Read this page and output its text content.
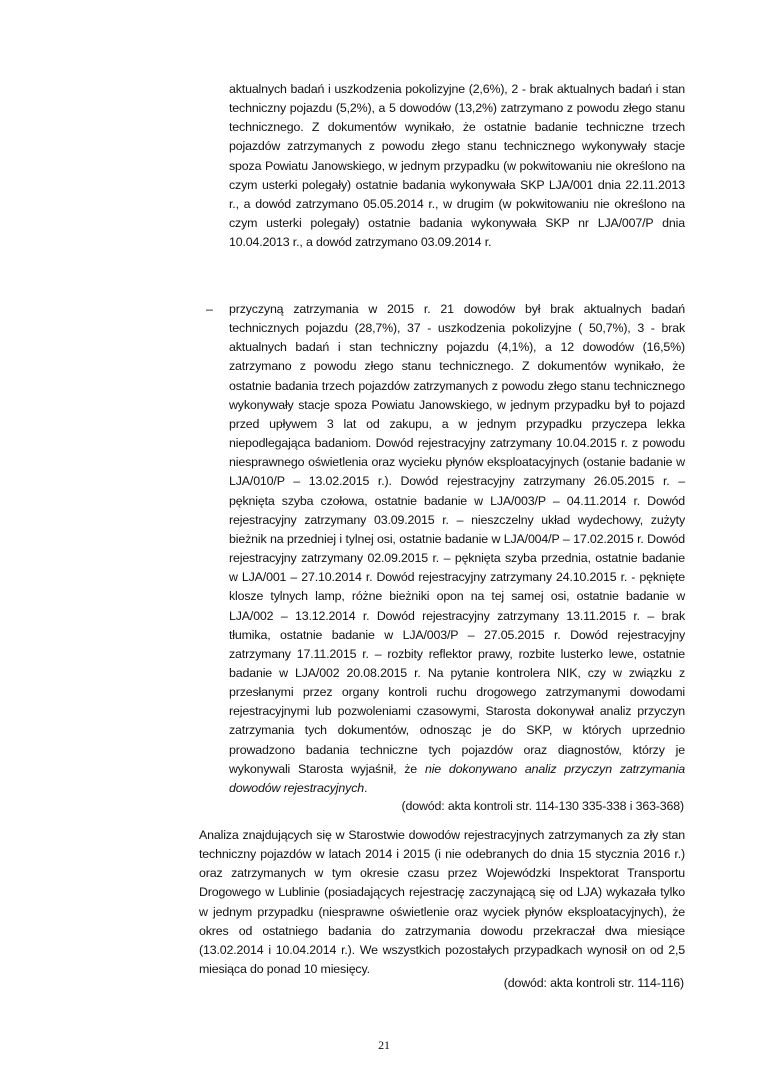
aktualnych badań i uszkodzenia pokolizyjne (2,6%), 2 - brak aktualnych badań i stan techniczny pojazdu (5,2%), a 5 dowodów (13,2%) zatrzymano z powodu złego stanu technicznego. Z dokumentów wynikało, że ostatnie badanie techniczne trzech pojazdów zatrzymanych z powodu złego stanu technicznego wykonywały stacje spoza Powiatu Janowskiego, w jednym przypadku (w pokwitowaniu nie określono na czym usterki polegały) ostatnie badania wykonywała SKP LJA/001 dnia 22.11.2013 r., a dowód zatrzymano 05.05.2014 r., w drugim (w pokwitowaniu nie określono na czym usterki polegały) ostatnie badania wykonywała SKP nr LJA/007/P dnia 10.04.2013 r., a dowód zatrzymano 03.09.2014 r.

– przyczyną zatrzymania w 2015 r. 21 dowodów był brak aktualnych badań technicznych pojazdu (28,7%), 37 - uszkodzenia pokolizyjne ( 50,7%), 3 - brak aktualnych badań i stan techniczny pojazdu (4,1%), a 12 dowodów (16,5%) zatrzymano z powodu złego stanu technicznego. Z dokumentów wynikało, że ostatnie badania trzech pojazdów zatrzymanych z powodu złego stanu technicznego wykonywały stacje spoza Powiatu Janowskiego, w jednym przypadku był to pojazd przed upływem 3 lat od zakupu, a w jednym przypadku przyczepa lekka niepodlegająca badaniom. Dowód rejestracyjny zatrzymany 10.04.2015 r. z powodu niesprawnego oświetlenia oraz wycieku płynów eksploatacyjnych (ostanie badanie w LJA/010/P – 13.02.2015 r.). Dowód rejestracyjny zatrzymany 26.05.2015 r. – pęknięta szyba czołowa, ostatnie badanie w LJA/003/P – 04.11.2014 r. Dowód rejestracyjny zatrzymany 03.09.2015 r. – nieszczelny układ wydechowy, zużyty bieżnik na przedniej i tylnej osi, ostatnie badanie w LJA/004/P – 17.02.2015 r. Dowód rejestracyjny zatrzymany 02.09.2015 r. – pęknięta szyba przednia, ostatnie badanie w LJA/001 – 27.10.2014 r. Dowód rejestracyjny zatrzymany 24.10.2015 r. - pęknięte klosze tylnych lamp, różne bieżniki opon na tej samej osi, ostatnie badanie w LJA/002 – 13.12.2014 r. Dowód rejestracyjny zatrzymany 13.11.2015 r. – brak tłumika, ostatnie badanie w LJA/003/P – 27.05.2015 r. Dowód rejestracyjny zatrzymany 17.11.2015 r. – rozbity reflektor prawy, rozbite lusterko lewe, ostatnie badanie w LJA/002 20.08.2015 r. Na pytanie kontrolera NIK, czy w związku z przesłanymi przez organy kontroli ruchu drogowego zatrzymanymi dowodami rejestracyjnymi lub pozwoleniami czasowymi, Starosta dokonywał analiz przyczyn zatrzymania tych dokumentów, odnosząc je do SKP, w których uprzednio prowadzono badania techniczne tych pojazdów oraz diagnostów, którzy je wykonywali Starosta wyjaśnił, że nie dokonywano analiz przyczyn zatrzymania dowodów rejestracyjnych.

(dowód: akta kontroli str. 114-130 335-338 i 363-368)

Analiza znajdujących się w Starostwie dowodów rejestracyjnych zatrzymanych za zły stan techniczny pojazdów w latach 2014 i 2015 (i nie odebranych do dnia 15 stycznia 2016 r.) oraz zatrzymanych w tym okresie czasu przez Wojewódzki Inspektorat Transportu Drogowego w Lublinie (posiadających rejestrację zaczynającą się od LJA) wykazała tylko w jednym przypadku (niesprawne oświetlenie oraz wyciek płynów eksploatacyjnych), że okres od ostatniego badania do zatrzymania dowodu przekraczał dwa miesiące (13.02.2014 i 10.04.2014 r.). We wszystkich pozostałych przypadkach wynosił on od 2,5 miesiąca do ponad 10 miesięcy.

(dowód: akta kontroli str. 114-116)
21
